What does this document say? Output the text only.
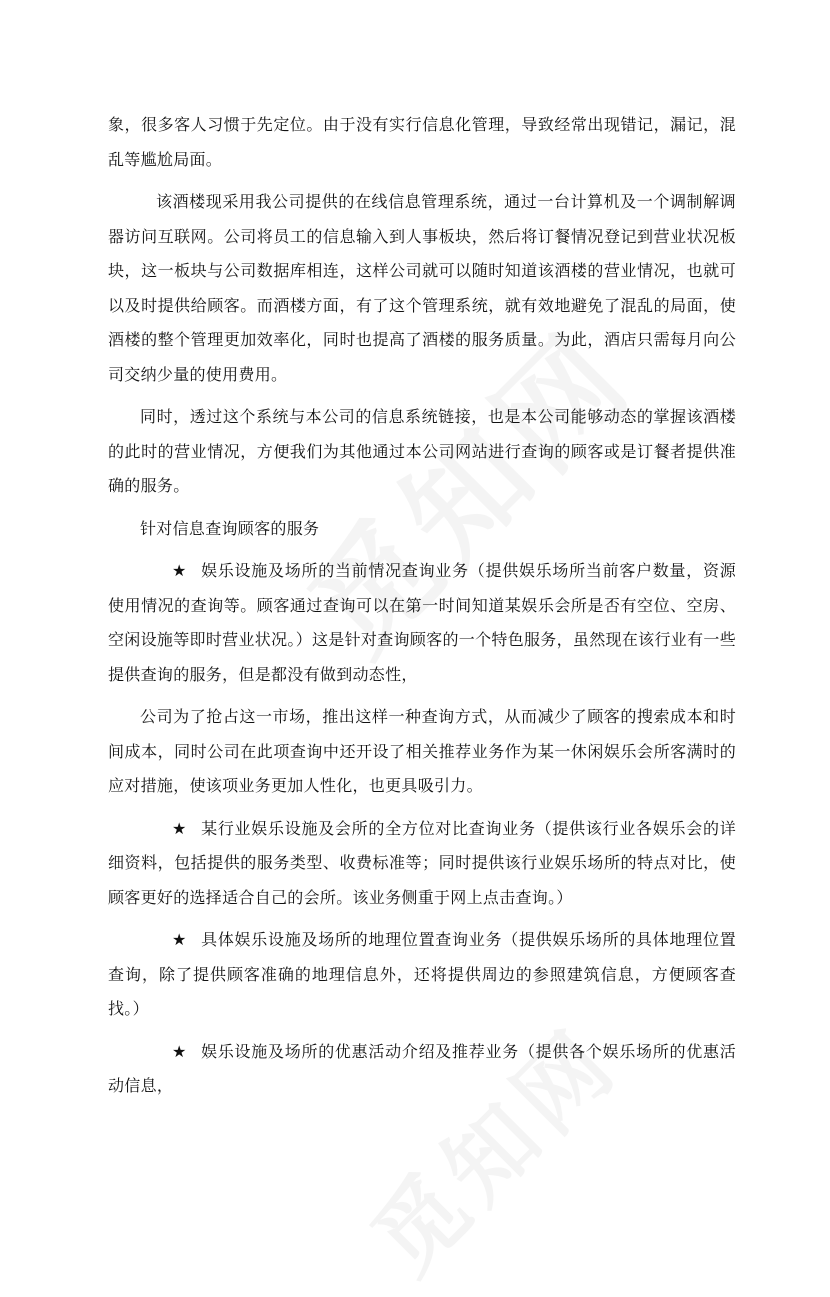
象，很多客人习惯于先定位。由于没有实行信息化管理，导致经常出现错记，漏记，混乱等尴尬局面。

该酒楼现采用我公司提供的在线信息管理系统，通过一台计算机及一个调制解调器访问互联网。公司将员工的信息输入到人事板块，然后将订餐情况登记到营业状况板块，这一板块与公司数据库相连，这样公司就可以随时知道该酒楼的营业情况，也就可以及时提供给顾客。而酒楼方面，有了这个管理系统，就有效地避免了混乱的局面，使酒楼的整个管理更加效率化，同时也提高了酒楼的服务质量。为此，酒店只需每月向公司交纳少量的使用费用。

同时，透过这个系统与本公司的信息系统链接，也是本公司能够动态的掌握该酒楼的此时的营业情况，方便我们为其他通过本公司网站进行查询的顾客或是订餐者提供准确的服务。

针对信息查询顾客的服务

★ 娱乐设施及场所的当前情况查询业务（提供娱乐场所当前客户数量，资源使用情况的查询等。顾客通过查询可以在第一时间知道某娱乐会所是否有空位、空房、空闲设施等即时营业状况。）这是针对查询顾客的一个特色服务，虽然现在该行业有一些提供查询的服务，但是都没有做到动态性，

公司为了抢占这一市场，推出这样一种查询方式，从而减少了顾客的搜索成本和时间成本，同时公司在此项查询中还开设了相关推荐业务作为某一休闲娱乐会所客满时的应对措施，使该项业务更加人性化，也更具吸引力。

★ 某行业娱乐设施及会所的全方位对比查询业务（提供该行业各娱乐会的详细资料，包括提供的服务类型、收费标准等；同时提供该行业娱乐场所的特点对比，使顾客更好的选择适合自己的会所。该业务侧重于网上点击查询。）

★ 具体娱乐设施及场所的地理位置查询业务（提供娱乐场所的具体地理位置查询，除了提供顾客准确的地理信息外，还将提供周边的参照建筑信息，方便顾客查找。）

★ 娱乐设施及场所的优惠活动介绍及推荐业务（提供各个娱乐场所的优惠活动信息，
